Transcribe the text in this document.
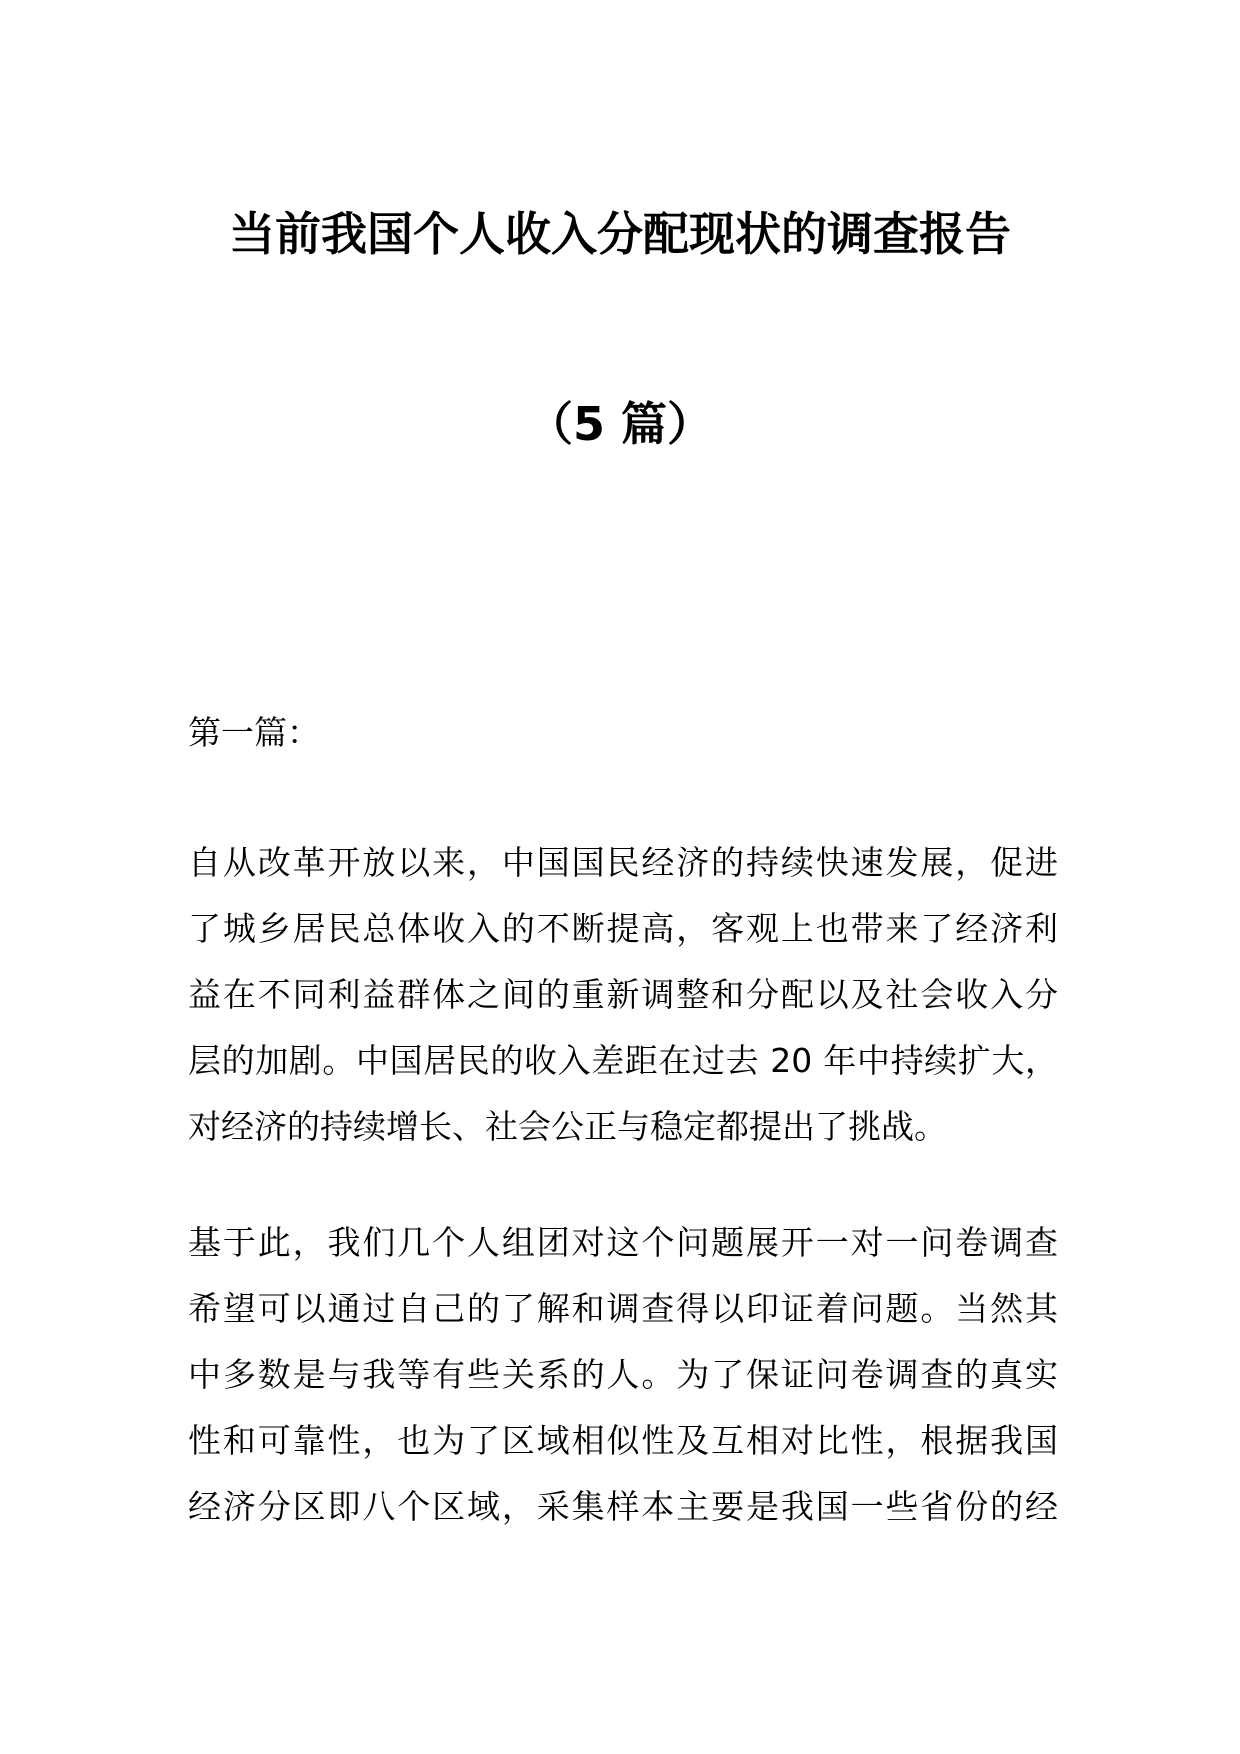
当前我国个人收入分配现状的调查报告
（5 篇）

第一篇：

自从改革开放以来，中国国民经济的持续快速发展，促进
了城乡居民总体收入的不断提高，客观上也带来了经济利
益在不同利益群体之间的重新调整和分配以及社会收入分
层的加剧。中国居民的收入差距在过去 20 年中持续扩大，
对经济的持续增长、社会公正与稳定都提出了挑战。

基于此，我们几个人组团对这个问题展开一对一问卷调查
希望可以通过自己的了解和调查得以印证着问题。当然其
中多数是与我等有些关系的人。为了保证问卷调查的真实
性和可靠性，也为了区域相似性及互相对比性，根据我国
经济分区即八个区域，采集样本主要是我国一些省份的经
